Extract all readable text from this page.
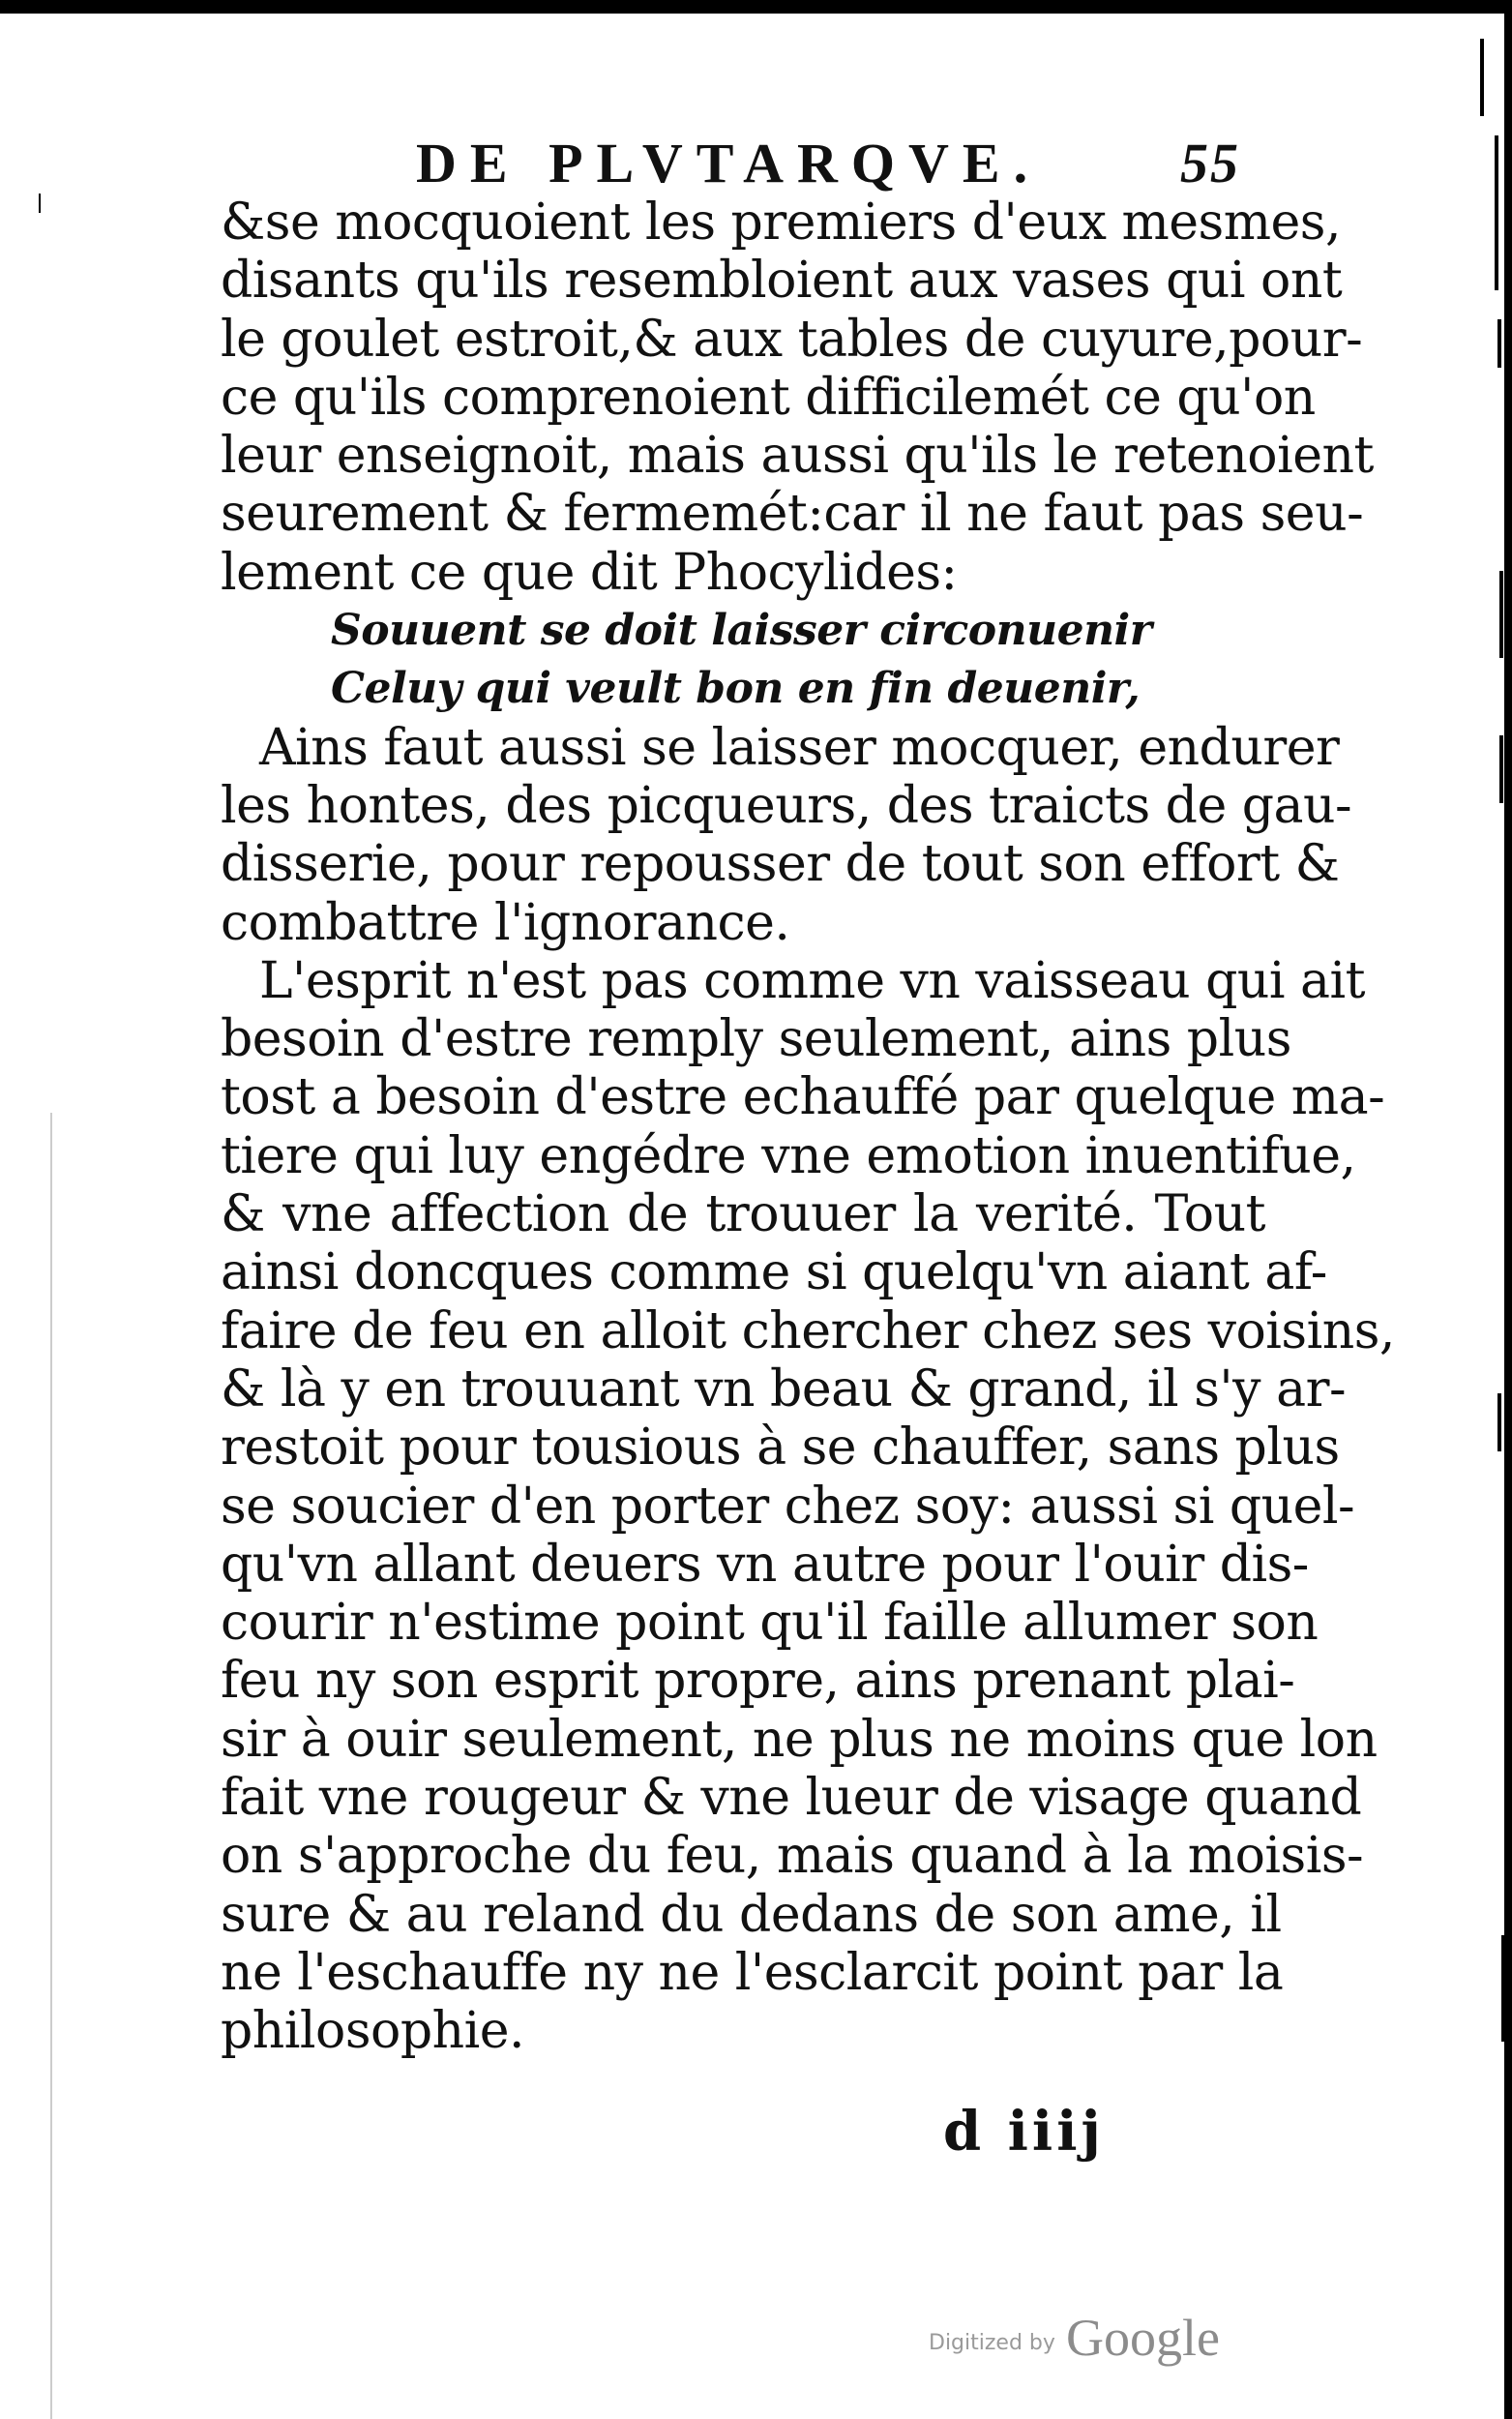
DE PLVTARQVE. 55
&se mocquoient les premiers d'eux mesmes,
disants qu'ils resembloient aux vases qui ont
le goulet estroit,& aux tables de cuyure,pour-
ce qu'ils comprenoient difficilemét ce qu'on
leur enseignoit, mais aussi qu'ils le retenoient
seurement & fermemét:car il ne faut pas seu-
lement ce que dit Phocylides:
Souuent se doit laisser circonuenir
Celuy qui veult bon en fin deuenir,
Ains faut aussi se laisser mocquer, endurer
les hontes, des picqueurs, des traicts de gau-
disserie, pour repousser de tout son effort &
combattre l'ignorance.
L'esprit n'est pas comme vn vaisseau qui ait
besoin d'estre remply seulement, ains plus
tost a besoin d'estre echauffé par quelque ma-
tiere qui luy engédre vne emotion inuentifue,
& vne affection de trouuer la verité. Tout
ainsi doncques comme si quelqu'vn aiant af-
faire de feu en alloit chercher chez ses voisins,
& là y en trouuant vn beau & grand, il s'y ar-
restoit pour tousious à se chauffer, sans plus
se soucier d'en porter chez soy: aussi si quel-
qu'vn allant deuers vn autre pour l'ouir dis-
courir n'estime point qu'il faille allumer son
feu ny son esprit propre, ains prenant plai-
sir à ouir seulement, ne plus ne moins que lon
fait vne rougeur & vne lueur de visage quand
on s'approche du feu, mais quand à la moisis-
sure & au reland du dedans de son ame, il
ne l'eschauffe ny ne l'esclarcit point par la
philosophie.
d iiij
Digitized by Google
